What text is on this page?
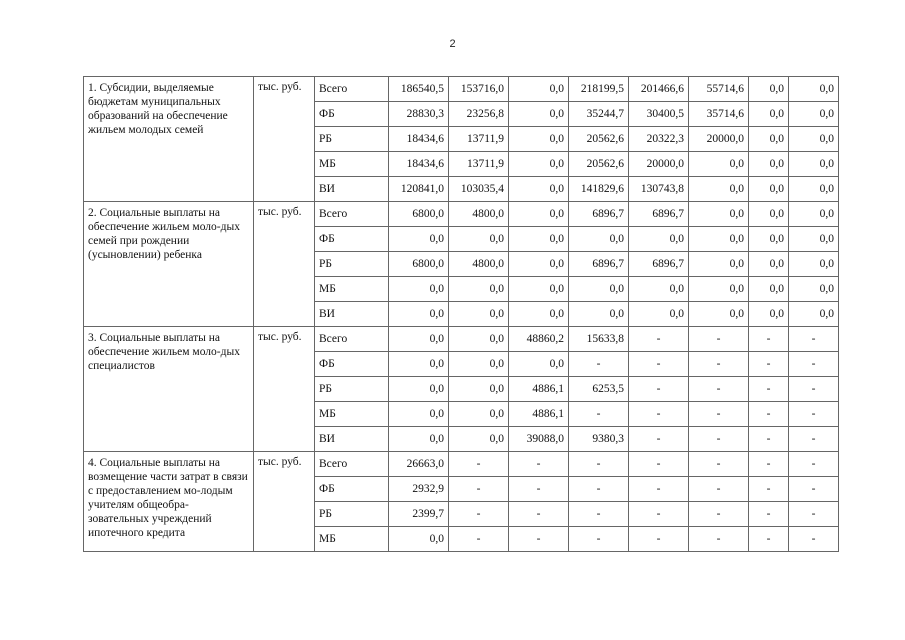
2
1. Субсидии, выделяемые бюджетам муниципальных образований на обеспечение жильем молодых семей	тыс. руб.	Всего	186540,5	153716,0	0,0	218199,5	201466,6	55714,6	0,0	0,0
		ФБ	28830,3	23256,8	0,0	35244,7	30400,5	35714,6	0,0	0,0
		РБ	18434,6	13711,9	0,0	20562,6	20322,3	20000,0	0,0	0,0
		МБ	18434,6	13711,9	0,0	20562,6	20000,0	0,0	0,0	0,0
		ВИ	120841,0	103035,4	0,0	141829,6	130743,8	0,0	0,0	0,0
2. Социальные выплаты на обеспечение жильем моло-дых семей при рождении (усыновлении) ребенка	тыс. руб.	Всего	6800,0	4800,0	0,0	6896,7	6896,7	0,0	0,0	0,0
		ФБ	0,0	0,0	0,0	0,0	0,0	0,0	0,0	0,0
		РБ	6800,0	4800,0	0,0	6896,7	6896,7	0,0	0,0	0,0
		МБ	0,0	0,0	0,0	0,0	0,0	0,0	0,0	0,0
		ВИ	0,0	0,0	0,0	0,0	0,0	0,0	0,0	0,0
3. Социальные выплаты на обеспечение жильем моло-дых специалистов	тыс. руб.	Всего	0,0	0,0	48860,2	15633,8	-	-	-	-
		ФБ	0,0	0,0	0,0	-	-	-	-	-
		РБ	0,0	0,0	4886,1	6253,5	-	-	-	-
		МБ	0,0	0,0	4886,1	-	-	-	-	-
		ВИ	0,0	0,0	39088,0	9380,3	-	-	-	-
4. Социальные выплаты на возмещение части затрат в связи с предоставлением мо-лодым учителям общеобра-зовательных учреждений ипотечного кредита	тыс. руб.	Всего	26663,0	-	-	-	-	-	-	-
		ФБ	2932,9	-	-	-	-	-	-	-
		РБ	2399,7	-	-	-	-	-	-	-
		МБ	0,0	-	-	-	-	-	-	-
